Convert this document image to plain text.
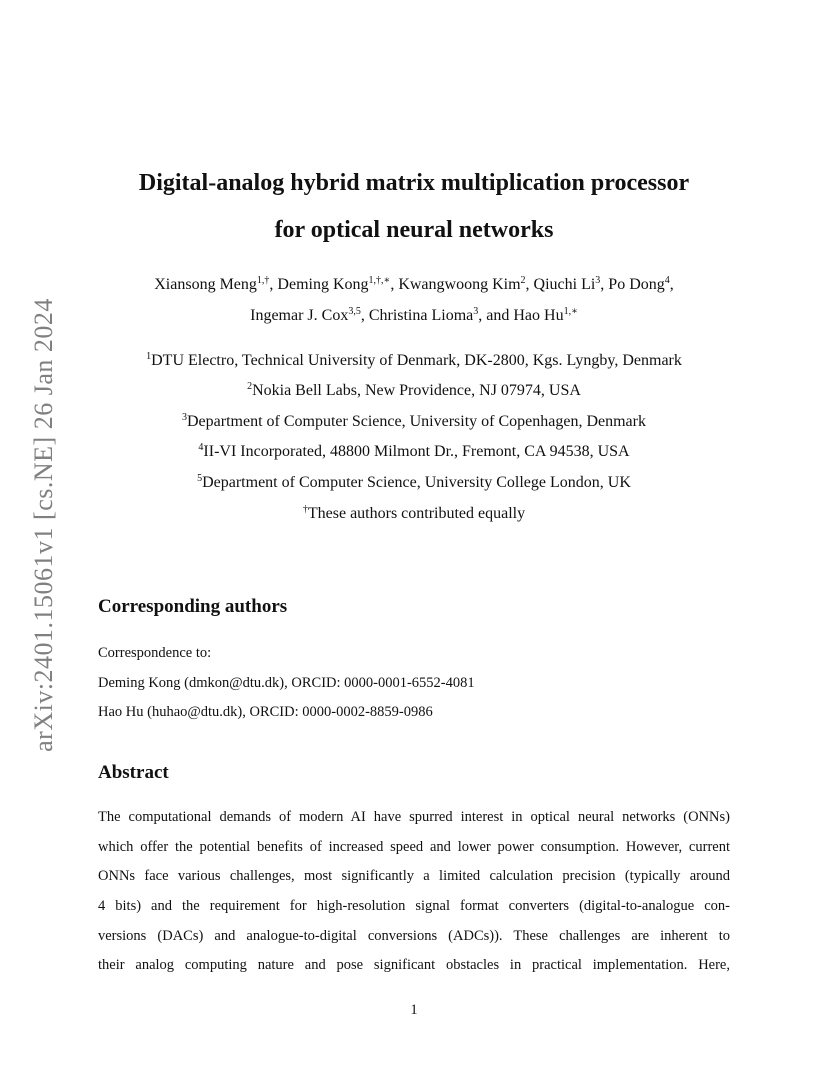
arXiv:2401.15061v1 [cs.NE] 26 Jan 2024
Digital-analog hybrid matrix multiplication processor
for optical neural networks
Xiansong Meng$^{1,\dagger}$, Deming Kong$^{1,\dagger,∗}$, Kwangwoong Kim$^2$, Qiuchi Li$^3$, Po Dong$^4$,
Ingemar J. Cox$^{3,5}$, Christina Lioma$^3$, and Hao $Hu^{1,∗}$
$^1$DTU Electro, Technical University of Denmark, DK-2800, Kgs. Lyngby, Denmark
$^2$Nokia Bell Labs, New Providence, NJ 07974, USA
$^3$Department of Computer Science, University of Copenhagen, Denmark
$^4$II-VI Incorporated, 48800 Milmont Dr., Fremont, CA 94538, USA
$^5$Department of Computer Science, University College London, UK
†These authors contributed equally
Corresponding authors
Correspondence to:
Deming Kong (dmkon@dtu.dk), ORCID: 0000-0001-6552-4081
Hao Hu (huhao@dtu.dk), ORCID: 0000-0002-8859-0986
Abstract
The computational demands of modern AI have spurred interest in optical neural networks (ONNs)
which offer the potential benefits of increased speed and lower power consumption. However, current
ONNs face various challenges, most significantly a limited calculation precision (typically around
4 bits) and the requirement for high-resolution signal format converters (digital-to-analogue con-
versions (DACs) and analogue-to-digital conversions (ADCs)). These challenges are inherent to
their analog computing nature and pose significant obstacles in practical implementation. Here,
1
